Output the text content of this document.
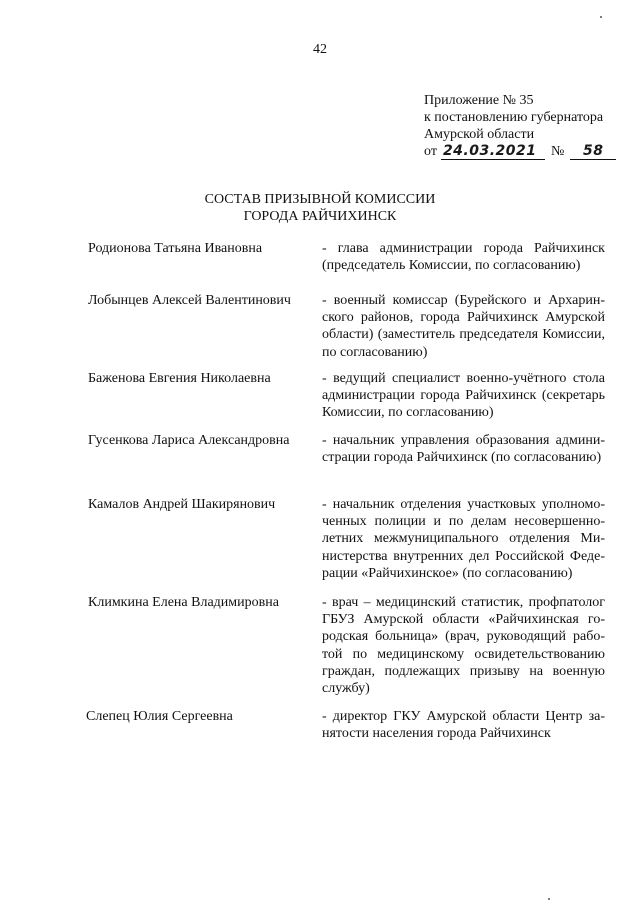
42
Приложение № 35
к постановлению губернатора
Амурской области
от 24.03.2021	№	58
СОСТАВ ПРИЗЫВНОЙ КОМИССИИ
ГОРОДА РАЙЧИХИНСК
Родионова Татьяна Ивановна	- глава администрации города Райчихинск (председатель Комиссии, по согласованию)
Лобынцев Алексей Валентинович - военный комиссар (Бурейского и Архаринского районов, города Райчихинск Амурской области) (заместитель председателя Комиссии, по согласованию)
Баженова Евгения Николаевна	- ведущий специалист военно-учётного стола администрации города Райчихинск (секретарь Комиссии, по согласованию)
Гусенкова Лариса Александровна - начальник управления образования администрации города Райчихинск (по согласованию)
Камалов Андрей Шакирянович	- начальник отделения участковых уполномоченных полиции и по делам несовершеннолетних межмуниципального отделения Министерства внутренних дел Российской Федерации «Райчихинское» (по согласованию)
Климкина Елена Владимировна	- врач – медицинский статистик, профпатолог ГБУЗ Амурской области «Райчихинская городская больница» (врач, руководящий работой по медицинскому освидетельствованию граждан, подлежащих призыву на военную службу)
Слепец Юлия Сергеевна	- директор ГКУ Амурской области Центр занятости населения города Райчихинск
